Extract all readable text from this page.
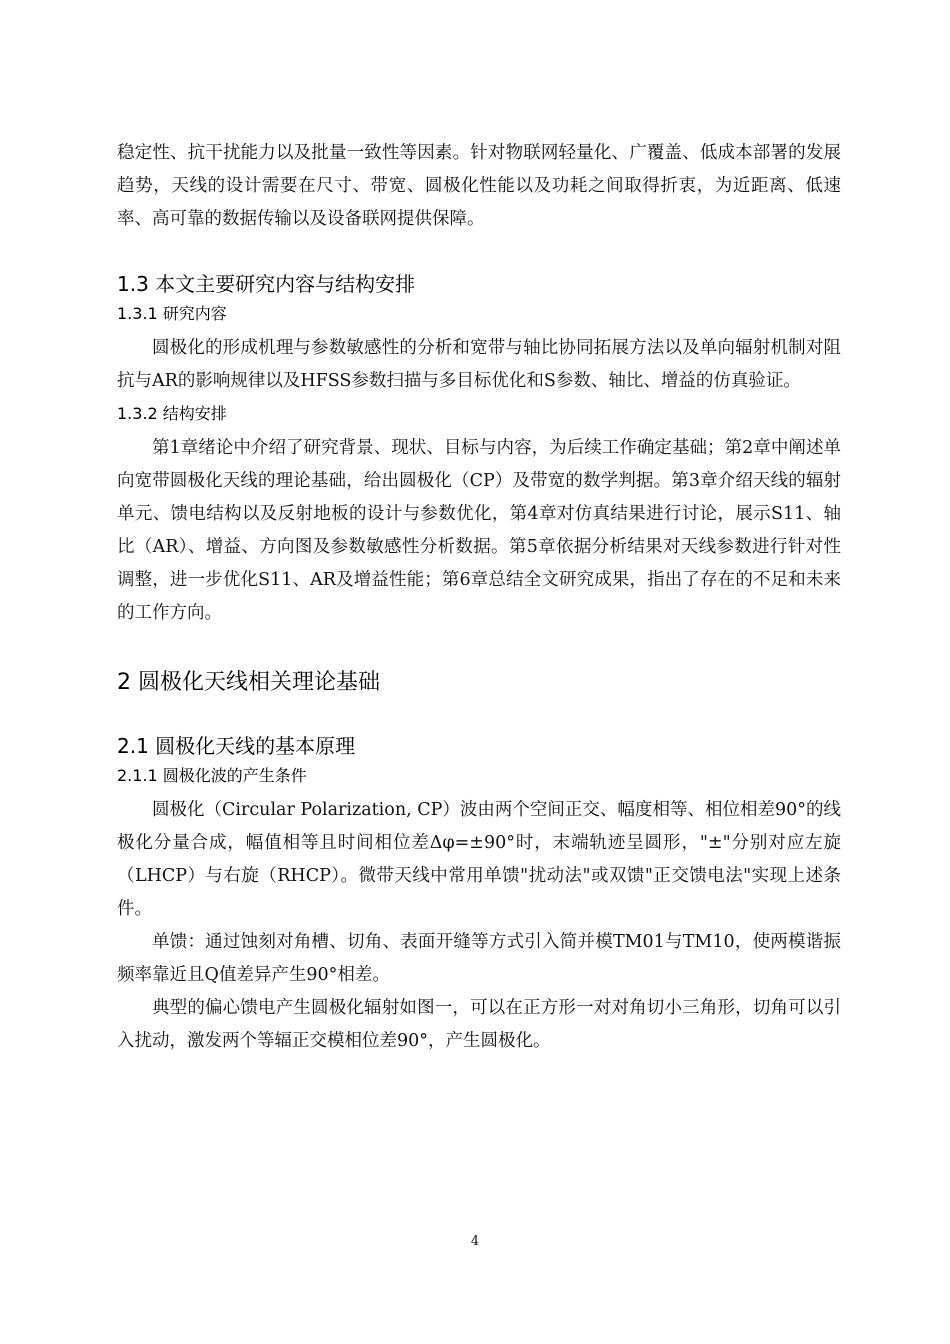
稳定性、抗干扰能力以及批量一致性等因素。针对物联网轻量化、广覆盖、低成本部署的发展趋势，天线的设计需要在尺寸、带宽、圆极化性能以及功耗之间取得折衷，为近距离、低速率、高可靠的数据传输以及设备联网提供保障。

1.3 本文主要研究内容与结构安排
1.3.1 研究内容

圆极化的形成机理与参数敏感性的分析和宽带与轴比协同拓展方法以及单向辐射机制对阻抗与AR的影响规律以及HFSS参数扫描与多目标优化和S参数、轴比、增益的仿真验证。

1.3.2 结构安排

第1章绪论中介绍了研究背景、现状、目标与内容，为后续工作确定基础；第2章中阐述单向宽带圆极化天线的理论基础，给出圆极化（CP）及带宽的数学判据。第3章介绍天线的辐射单元、馈电结构以及反射地板的设计与参数优化，第4章对仿真结果进行讨论，展示S11、轴比（AR）、增益、方向图及参数敏感性分析数据。第5章依据分析结果对天线参数进行针对性调整，进一步优化S11、AR及增益性能；第6章总结全文研究成果，指出了存在的不足和未来的工作方向。

2 圆极化天线相关理论基础
2.1 圆极化天线的基本原理
2.1.1 圆极化波的产生条件

圆极化（Circular Polarization, CP）波由两个空间正交、幅度相等、相位相差90°的线极化分量合成，幅值相等且时间相位差Δφ=±90°时，末端轨迹呈圆形，"±"分别对应左旋（LHCP）与右旋（RHCP）。微带天线中常用单馈"扰动法"或双馈"正交馈电法"实现上述条件。

单馈：通过蚀刻对角槽、切角、表面开缝等方式引入简并模TM01与TM10，使两模谐振频率靠近且Q值差异产生90°相差。

典型的偏心馈电产生圆极化辐射如图一，可以在正方形一对对角切小三角形，切角可以引入扰动，激发两个等辐正交模相位差90°，产生圆极化。

4
